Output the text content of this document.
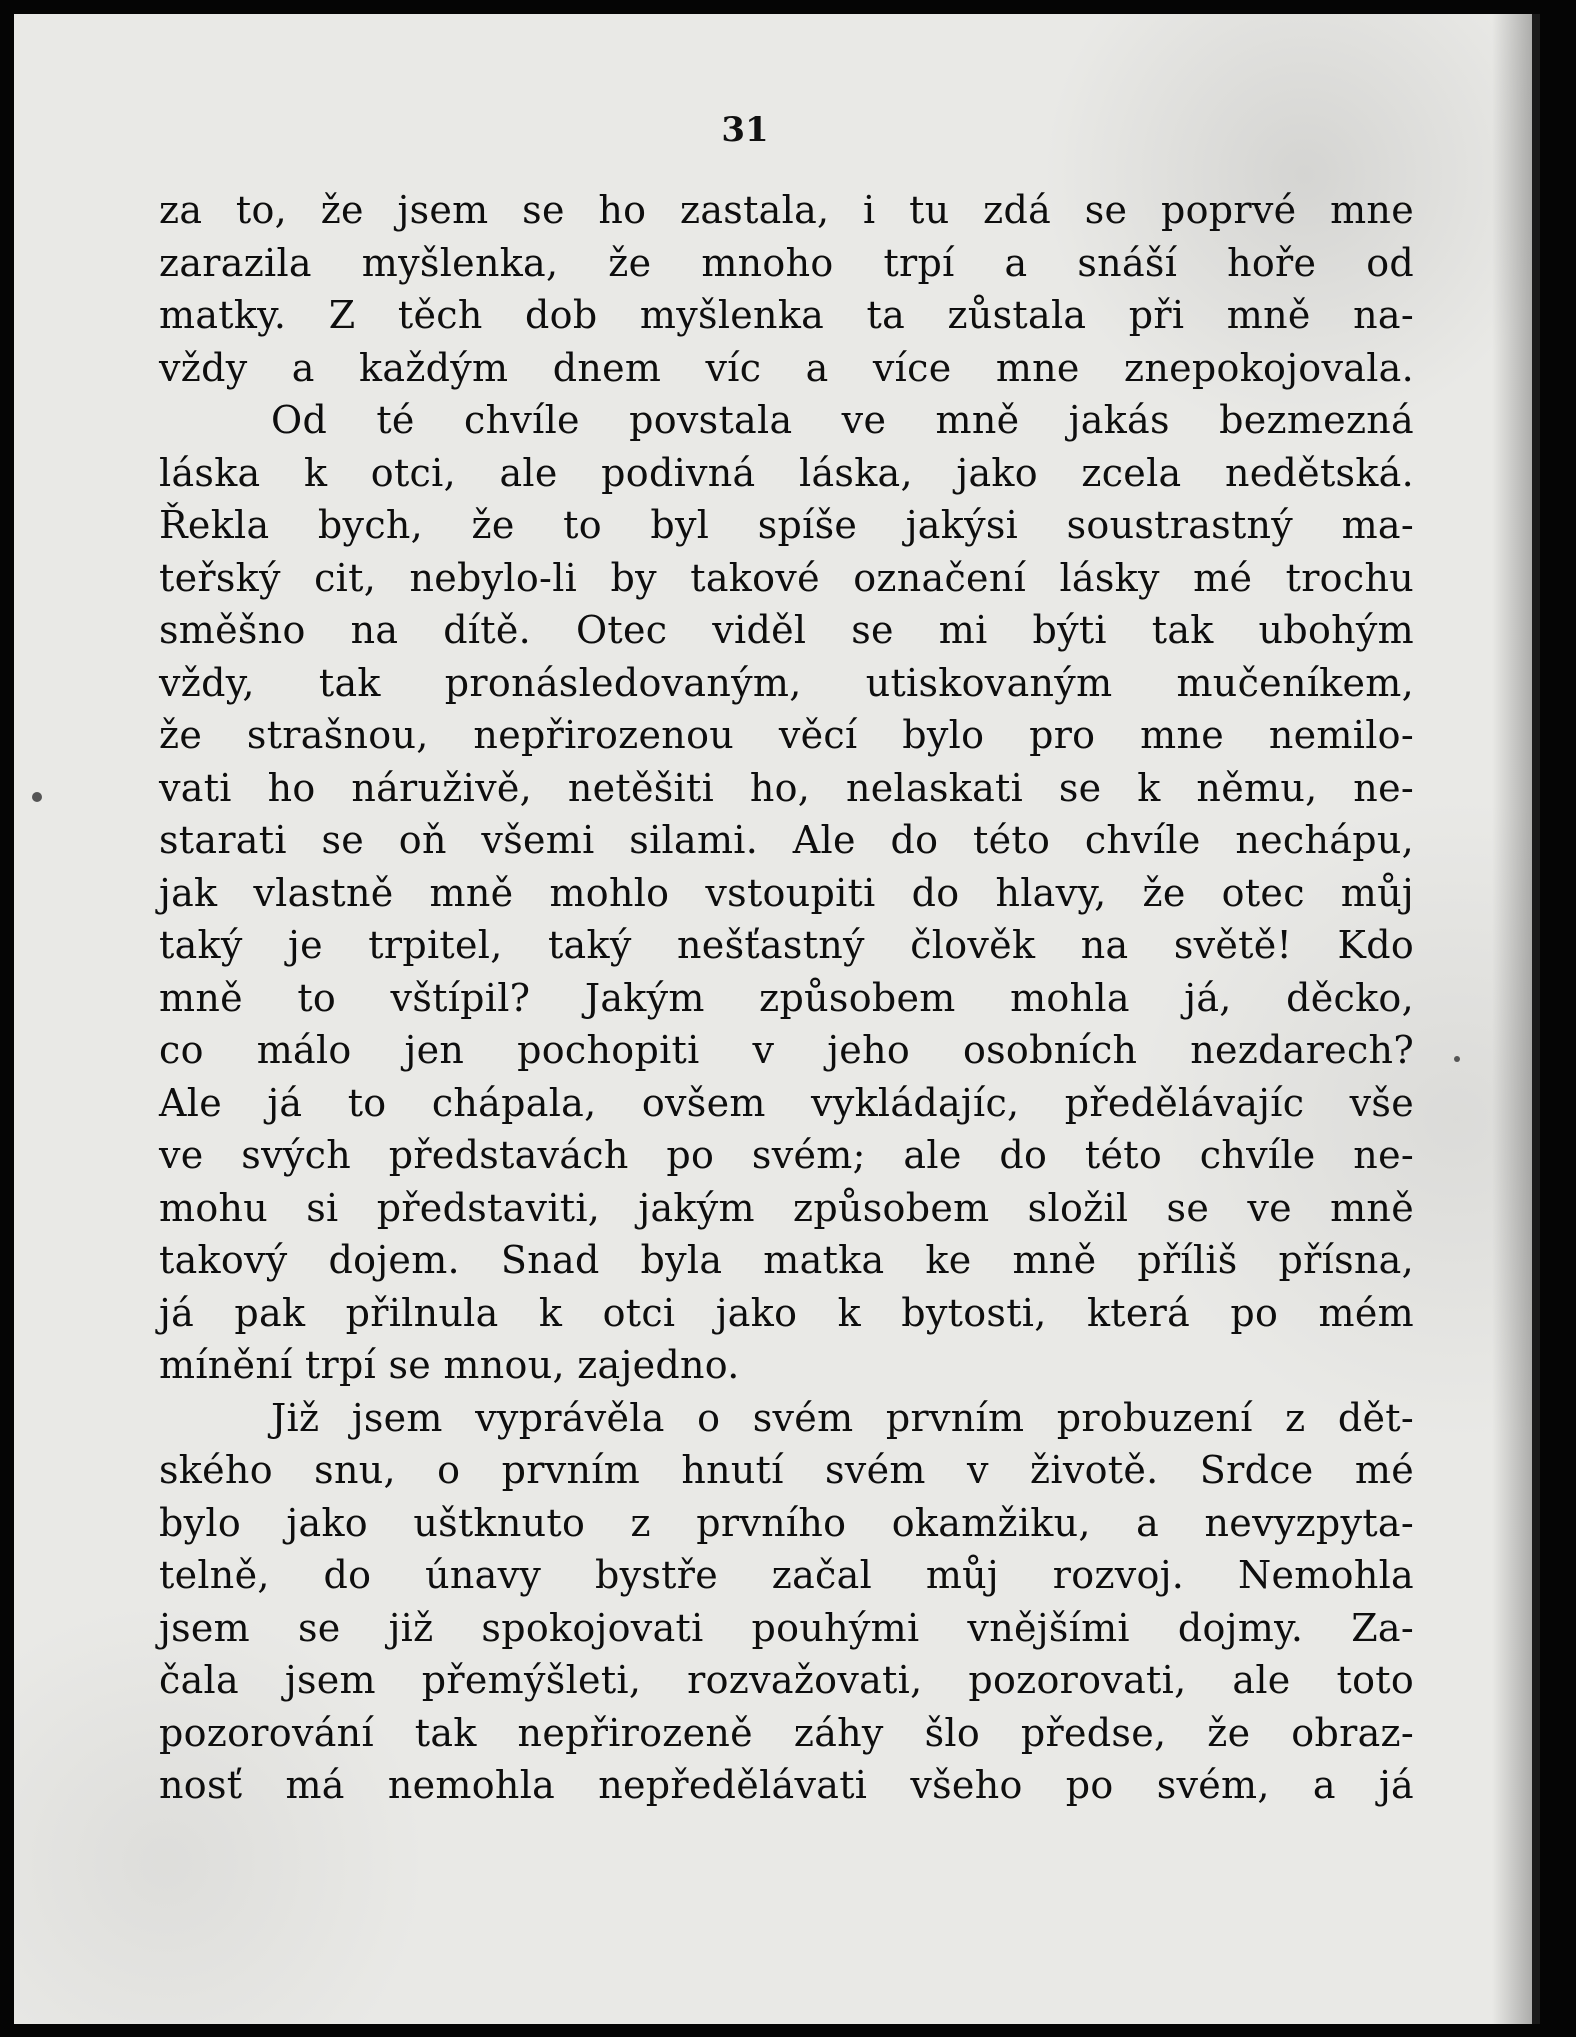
31
za to, že jsem se ho zastala, i tu zdá se poprvé mne
zarazila myšlenka, že mnoho trpí a snáší hoře od
matky. Z těch dob myšlenka ta zůstala při mně na-
vždy a každým dnem víc a více mne znepokojovala.
Od té chvíle povstala ve mně jakás bezmezná
láska k otci, ale podivná láska, jako zcela nedětská.
Řekla bych, že to byl spíše jakýsi soustrastný ma-
teřský cit, nebylo-li by takové označení lásky mé trochu
směšno na dítě. Otec viděl se mi býti tak ubohým
vždy, tak pronásledovaným, utiskovaným mučeníkem,
že strašnou, nepřirozenou věcí bylo pro mne nemilo-
vati ho náruživě, netěšiti ho, nelaskati se k němu, ne-
starati se oň všemi silami. Ale do této chvíle nechápu,
jak vlastně mně mohlo vstoupiti do hlavy, že otec můj
taký je trpitel, taký nešťastný člověk na světě! Kdo
mně to vštípil? Jakým způsobem mohla já, děcko,
co málo jen pochopiti v jeho osobních nezdarech?
Ale já to chápala, ovšem vykládajíc, předělávajíc vše
ve svých představách po svém; ale do této chvíle ne-
mohu si představiti, jakým způsobem složil se ve mně
takový dojem. Snad byla matka ke mně příliš přísna,
já pak přilnula k otci jako k bytosti, která po mém
mínění trpí se mnou, zajedno.
Již jsem vyprávěla o svém prvním probuzení z dět-
ského snu, o prvním hnutí svém v životě. Srdce mé
bylo jako uštknuto z prvního okamžiku, a nevyzpyta-
telně, do únavy bystře začal můj rozvoj. Nemohla
jsem se již spokojovati pouhými vnějšími dojmy. Za-
čala jsem přemýšleti, rozvažovati, pozorovati, ale toto
pozorování tak nepřirozeně záhy šlo předse, že obraz-
nosť má nemohla nepředělávati všeho po svém, a já
